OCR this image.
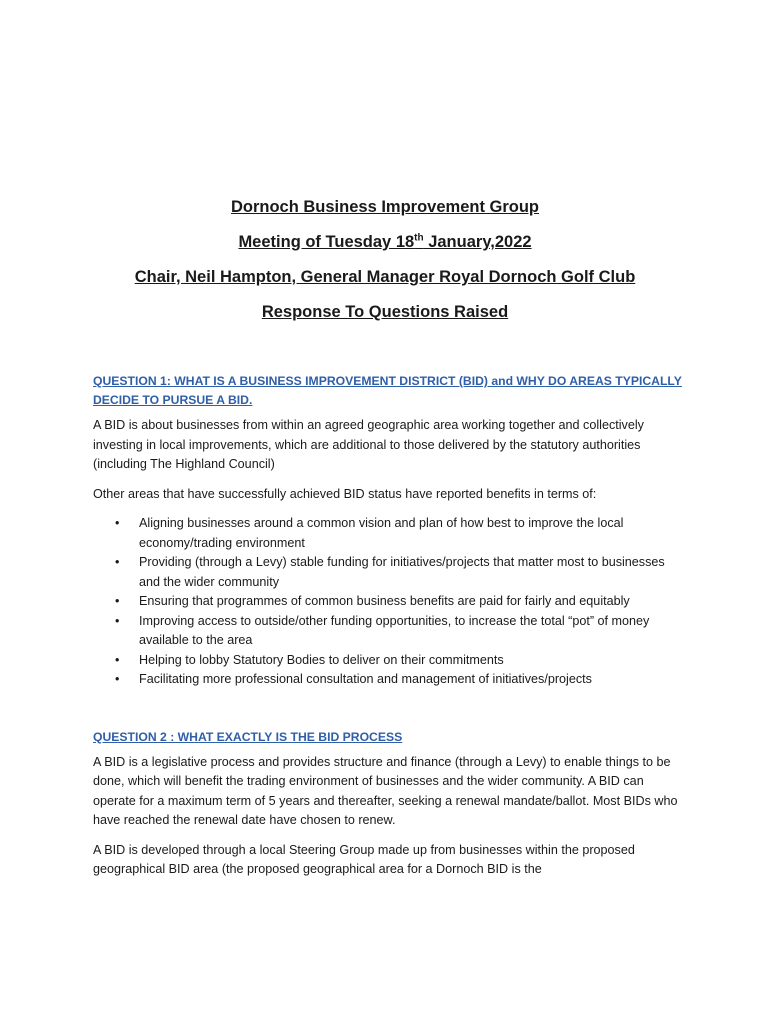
Dornoch Business Improvement Group

Meeting of Tuesday 18th January,2022

Chair, Neil Hampton, General Manager Royal Dornoch Golf Club

Response To Questions Raised

QUESTION 1: WHAT IS A BUSINESS IMPROVEMENT DISTRICT (BID) and WHY DO AREAS TYPICALLY DECIDE TO PURSUE A BID.

A BID is about businesses from within an agreed geographic area working together and collectively investing in local improvements, which are additional to those delivered by the statutory authorities (including The Highland Council)

Other areas that have successfully achieved BID status have reported benefits in terms of:

• Aligning businesses around a common vision and plan of how best to improve the local economy/trading environment
• Providing (through a Levy) stable funding for initiatives/projects that matter most to businesses and the wider community
• Ensuring that programmes of common business benefits are paid for fairly and equitably
• Improving access to outside/other funding opportunities, to increase the total “pot” of money available to the area
• Helping to lobby Statutory Bodies to deliver on their commitments
• Facilitating more professional consultation and management of initiatives/projects

QUESTION 2 : WHAT EXACTLY IS THE BID PROCESS

A BID is a legislative process and provides structure and finance (through a Levy) to enable things to be done, which will benefit the trading environment of businesses and the wider community. A BID can operate for a maximum term of 5 years and thereafter, seeking a renewal mandate/ballot. Most BIDs who have reached the renewal date have chosen to renew.

A BID is developed through a local Steering Group made up from businesses within the proposed geographical BID area (the proposed geographical area for a Dornoch BID is the
